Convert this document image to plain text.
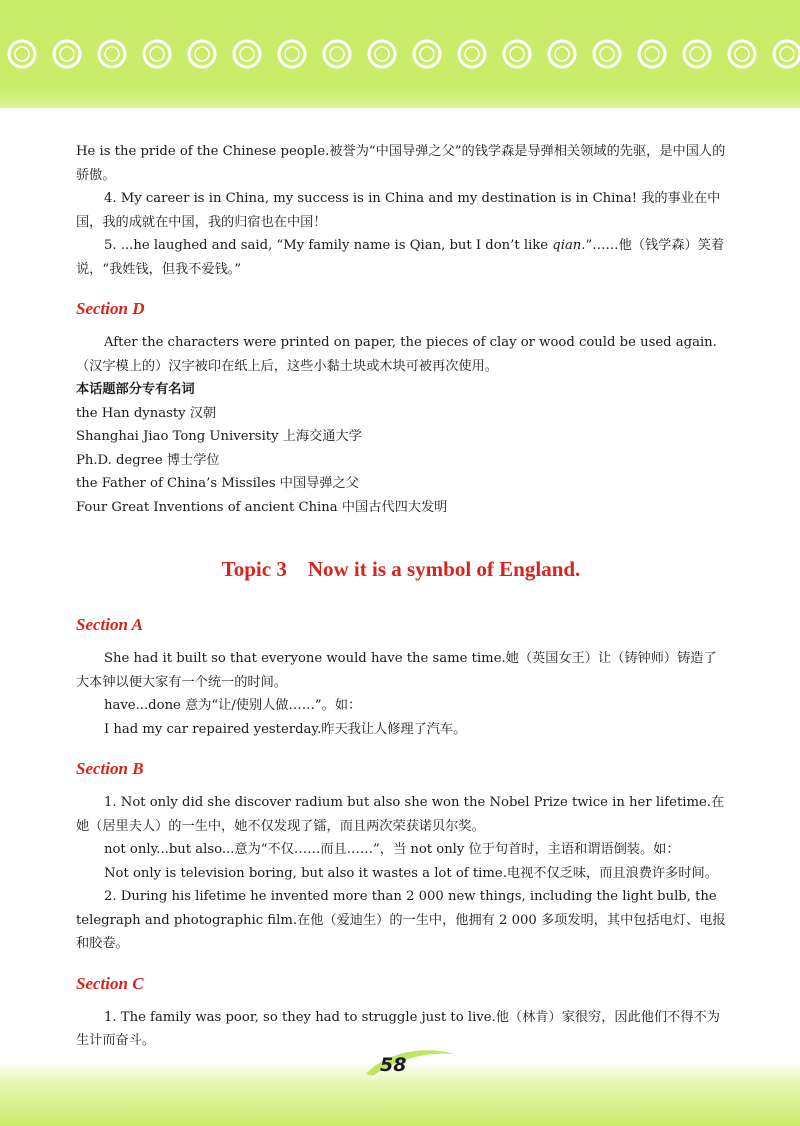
He is the pride of the Chinese people.被誉为“中国导弹之父”的钱学森是导弹相关领域的先驱，是中国人的骄傲。

4. My career is in China, my success is in China and my destination is in China! 我的事业在中国，我的成就在中国，我的归宿也在中国！

5. ...he laughed and said, “My family name is Qian, but I don’t like qian.”……他（钱学森）笑着说，“我姓钱，但我不爱钱。”

Section D

After the characters were printed on paper, the pieces of clay or wood could be used again.（汉字模上的）汉字被印在纸上后，这些小黏土块或木块可被再次使用。

本话题部分专有名词

the Han dynasty 汉朝

Shanghai Jiao Tong University 上海交通大学

Ph.D. degree 博士学位

the Father of China’s Missiles 中国导弹之父

Four Great Inventions of ancient China 中国古代四大发明

Topic 3    Now it is a symbol of England.
Section A

She had it built so that everyone would have the same time.她（英国女王）让（铸钟师）铸造了大本钟以便大家有一个统一的时间。

have...done 意为“让/使别人做……”。如：

I had my car repaired yesterday.昨天我让人修理了汽车。

Section B

1. Not only did she discover radium but also she won the Nobel Prize twice in her lifetime.在她（居里夫人）的一生中，她不仅发现了镭，而且两次荣获诺贝尔奖。

not only...but also...意为“不仅……而且……”，当 not only 位于句首时，主语和谓语倒装。如：

Not only is television boring, but also it wastes a lot of time.电视不仅乏味，而且浪费许多时间。

2. During his lifetime he invented more than 2 000 new things, including the light bulb, the telegraph and photographic film.在他（爱迪生）的一生中，他拥有 2 000 多项发明，其中包括电灯、电报和胶卷。

Section C

1. The family was poor, so they had to struggle just to live.他（林肯）家很穷，因此他们不得不为生计而奋斗。

58
